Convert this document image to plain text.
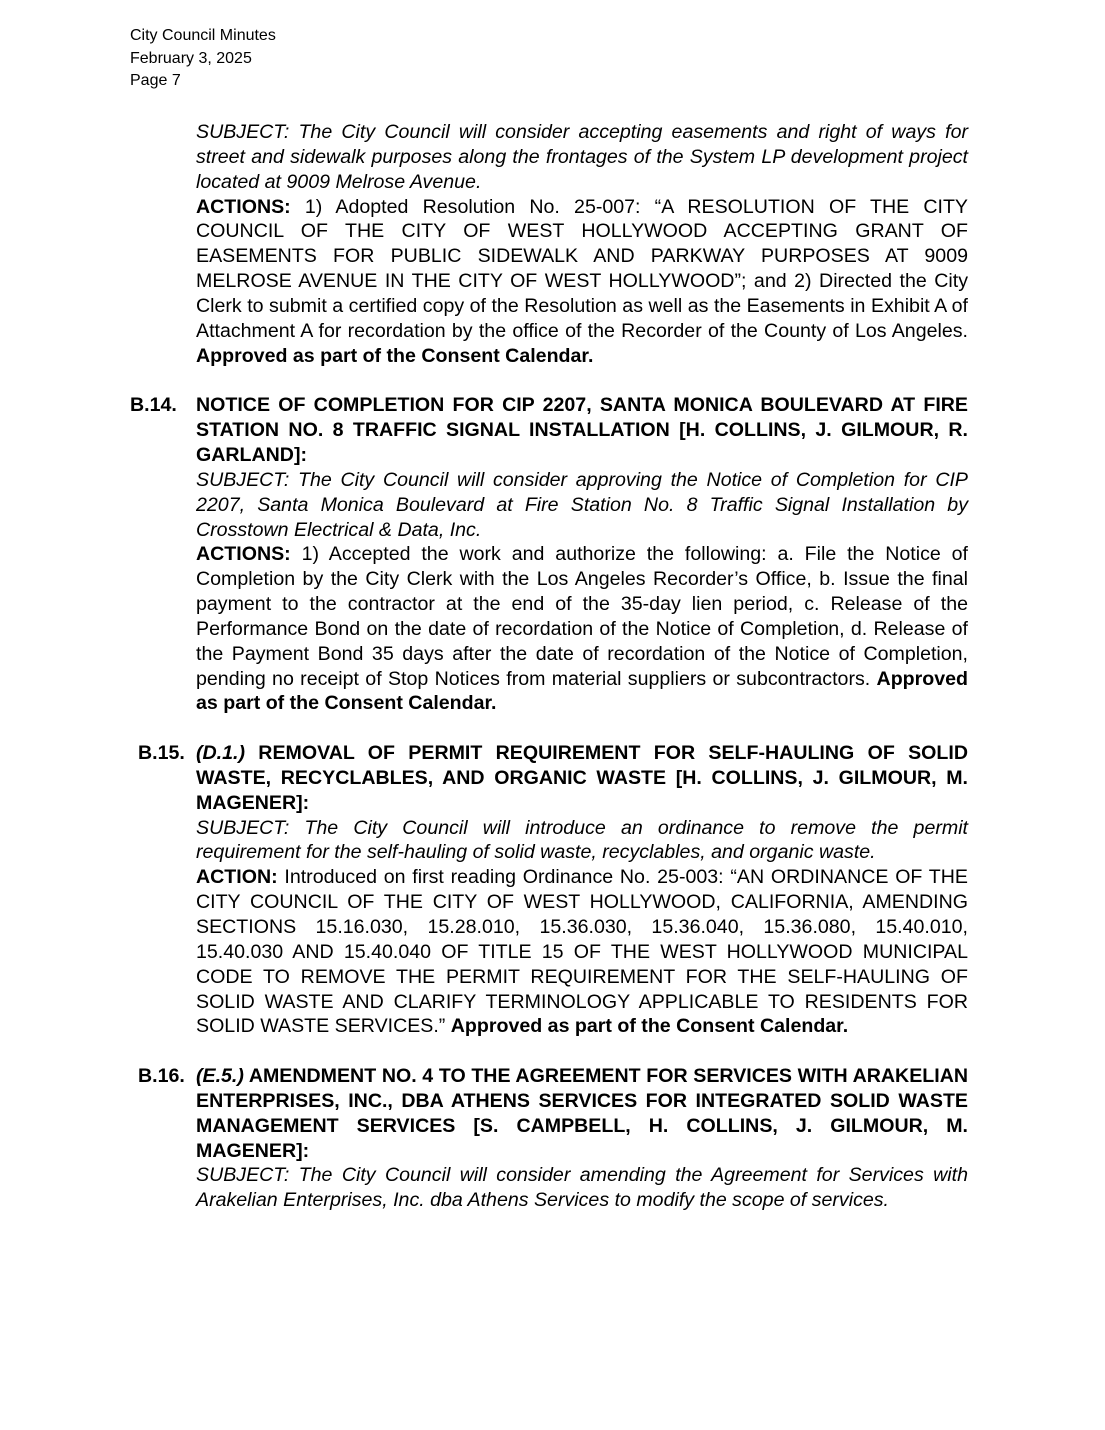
City Council Minutes
February 3, 2025
Page 7
SUBJECT: The City Council will consider accepting easements and right of ways for street and sidewalk purposes along the frontages of the System LP development project located at 9009 Melrose Avenue.
ACTIONS: 1) Adopted Resolution No. 25-007: “A RESOLUTION OF THE CITY COUNCIL OF THE CITY OF WEST HOLLYWOOD ACCEPTING GRANT OF EASEMENTS FOR PUBLIC SIDEWALK AND PARKWAY PURPOSES AT 9009 MELROSE AVENUE IN THE CITY OF WEST HOLLYWOOD”; and 2) Directed the City Clerk to submit a certified copy of the Resolution as well as the Easements in Exhibit A of Attachment A for recordation by the office of the Recorder of the County of Los Angeles. Approved as part of the Consent Calendar.
B.14. NOTICE OF COMPLETION FOR CIP 2207, SANTA MONICA BOULEVARD AT FIRE STATION NO. 8 TRAFFIC SIGNAL INSTALLATION [H. COLLINS, J. GILMOUR, R. GARLAND]:
SUBJECT: The City Council will consider approving the Notice of Completion for CIP 2207, Santa Monica Boulevard at Fire Station No. 8 Traffic Signal Installation by Crosstown Electrical & Data, Inc.
ACTIONS: 1) Accepted the work and authorize the following: a. File the Notice of Completion by the City Clerk with the Los Angeles Recorder’s Office, b. Issue the final payment to the contractor at the end of the 35-day lien period, c. Release of the Performance Bond on the date of recordation of the Notice of Completion, d. Release of the Payment Bond 35 days after the date of recordation of the Notice of Completion, pending no receipt of Stop Notices from material suppliers or subcontractors. Approved as part of the Consent Calendar.
B.15. (D.1.) REMOVAL OF PERMIT REQUIREMENT FOR SELF-HAULING OF SOLID WASTE, RECYCLABLES, AND ORGANIC WASTE [H. COLLINS, J. GILMOUR, M. MAGENER]:
SUBJECT: The City Council will introduce an ordinance to remove the permit requirement for the self-hauling of solid waste, recyclables, and organic waste.
ACTION: Introduced on first reading Ordinance No. 25-003: “AN ORDINANCE OF THE CITY COUNCIL OF THE CITY OF WEST HOLLYWOOD, CALIFORNIA, AMENDING SECTIONS 15.16.030, 15.28.010, 15.36.030, 15.36.040, 15.36.080, 15.40.010, 15.40.030 AND 15.40.040 OF TITLE 15 OF THE WEST HOLLYWOOD MUNICIPAL CODE TO REMOVE THE PERMIT REQUIREMENT FOR THE SELF-HAULING OF SOLID WASTE AND CLARIFY TERMINOLOGY APPLICABLE TO RESIDENTS FOR SOLID WASTE SERVICES.” Approved as part of the Consent Calendar.
B.16. (E.5.) AMENDMENT NO. 4 TO THE AGREEMENT FOR SERVICES WITH ARAKELIAN ENTERPRISES, INC., DBA ATHENS SERVICES FOR INTEGRATED SOLID WASTE MANAGEMENT SERVICES [S. CAMPBELL, H. COLLINS, J. GILMOUR, M. MAGENER]:
SUBJECT: The City Council will consider amending the Agreement for Services with Arakelian Enterprises, Inc. dba Athens Services to modify the scope of services.
